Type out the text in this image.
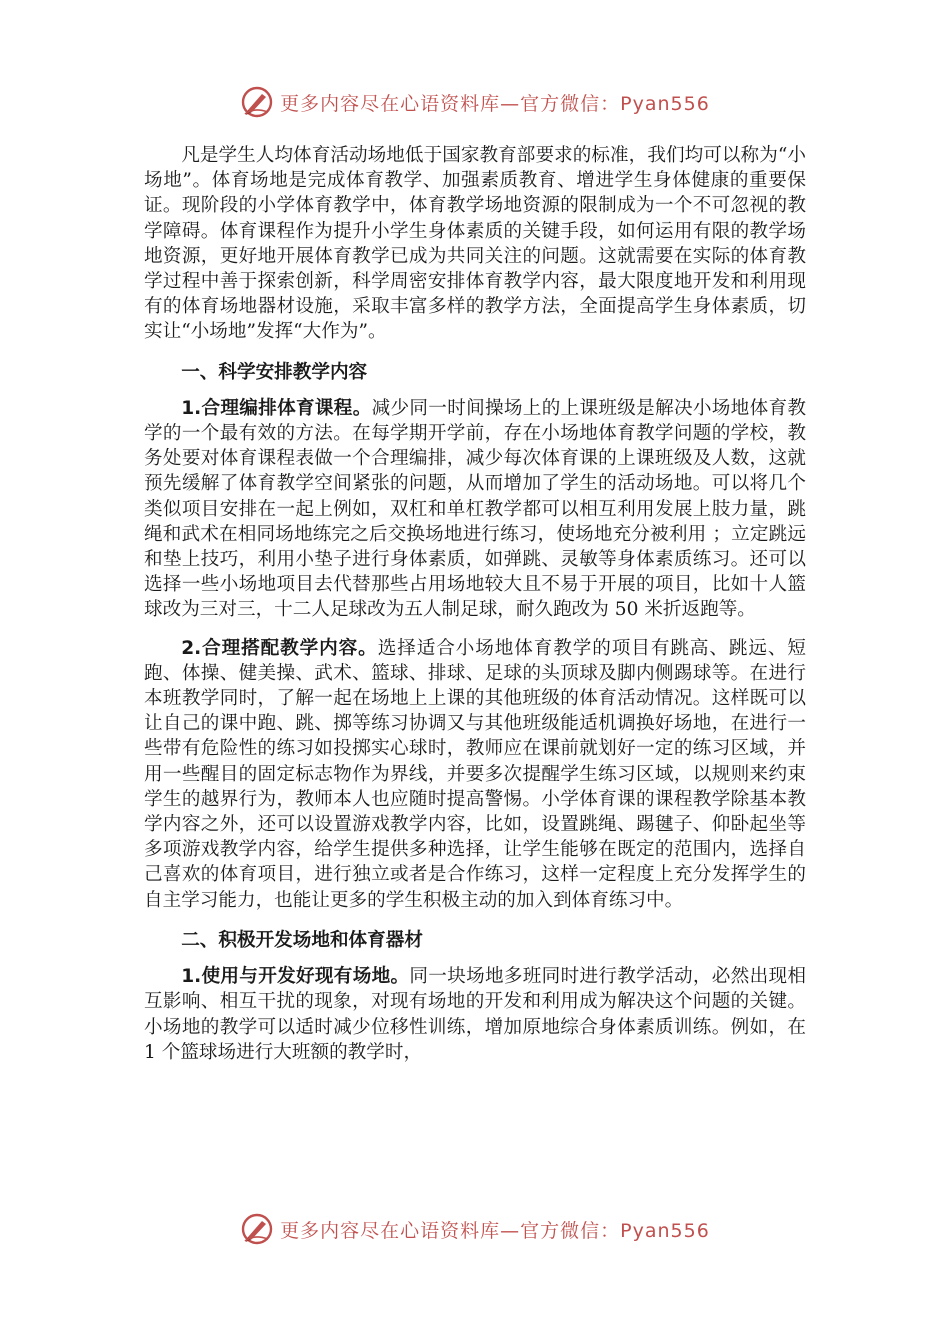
更多内容尽在心语资料库—官方微信：Pyan556

凡是学生人均体育活动场地低于国家教育部要求的标准，我们均可以称为“小场地”。体育场地是完成体育教学、加强素质教育、增进学生身体健康的重要保证。现阶段的小学体育教学中，体育教学场地资源的限制成为一个不可忽视的教学障碍。体育课程作为提升小学生身体素质的关键手段，如何运用有限的教学场地资源，更好地开展体育教学已成为共同关注的问题。这就需要在实际的体育教学过程中善于探索创新，科学周密安排体育教学内容，最大限度地开发和利用现有的体育场地器材设施，采取丰富多样的教学方法，全面提高学生身体素质，切实让“小场地”发挥“大作为”。

一、科学安排教学内容

1.合理编排体育课程。减少同一时间操场上的上课班级是解决小场地体育教学的一个最有效的方法。在每学期开学前，存在小场地体育教学问题的学校，教务处要对体育课程表做一个合理编排，减少每次体育课的上课班级及人数，这就预先缓解了体育教学空间紧张的问题，从而增加了学生的活动场地。可以将几个类似项目安排在一起上例如，双杠和单杠教学都可以相互利用发展上肢力量，跳绳和武术在相同场地练完之后交换场地进行练习，使场地充分被利用 ；立定跳远和垫上技巧，利用小垫子进行身体素质，如弹跳、灵敏等身体素质练习。还可以选择一些小场地项目去代替那些占用场地较大且不易于开展的项目，比如十人篮球改为三对三，十二人足球改为五人制足球，耐久跑改为 50 米折返跑等。

2.合理搭配教学内容。选择适合小场地体育教学的项目有跳高、跳远、短跑、体操、健美操、武术、篮球、排球、足球的头顶球及脚内侧踢球等。在进行本班教学同时，了解一起在场地上上课的其他班级的体育活动情况。这样既可以让自己的课中跑、跳、掷等练习协调又与其他班级能适机调换好场地，在进行一些带有危险性的练习如投掷实心球时，教师应在课前就划好一定的练习区域，并用一些醒目的固定标志物作为界线，并要多次提醒学生练习区域，以规则来约束学生的越界行为，教师本人也应随时提高警惕。小学体育课的课程教学除基本教学内容之外，还可以设置游戏教学内容，比如，设置跳绳、踢毽子、仰卧起坐等多项游戏教学内容，给学生提供多种选择，让学生能够在既定的范围内，选择自己喜欢的体育项目，进行独立或者是合作练习，这样一定程度上充分发挥学生的自主学习能力，也能让更多的学生积极主动的加入到体育练习中。

二、积极开发场地和体育器材

1.使用与开发好现有场地。同一块场地多班同时进行教学活动，必然出现相互影响、相互干扰的现象，对现有场地的开发和利用成为解决这个问题的关键。小场地的教学可以适时减少位移性训练，增加原地综合身体素质训练。例如，在 1 个篮球场进行大班额的教学时，

更多内容尽在心语资料库—官方微信：Pyan556
